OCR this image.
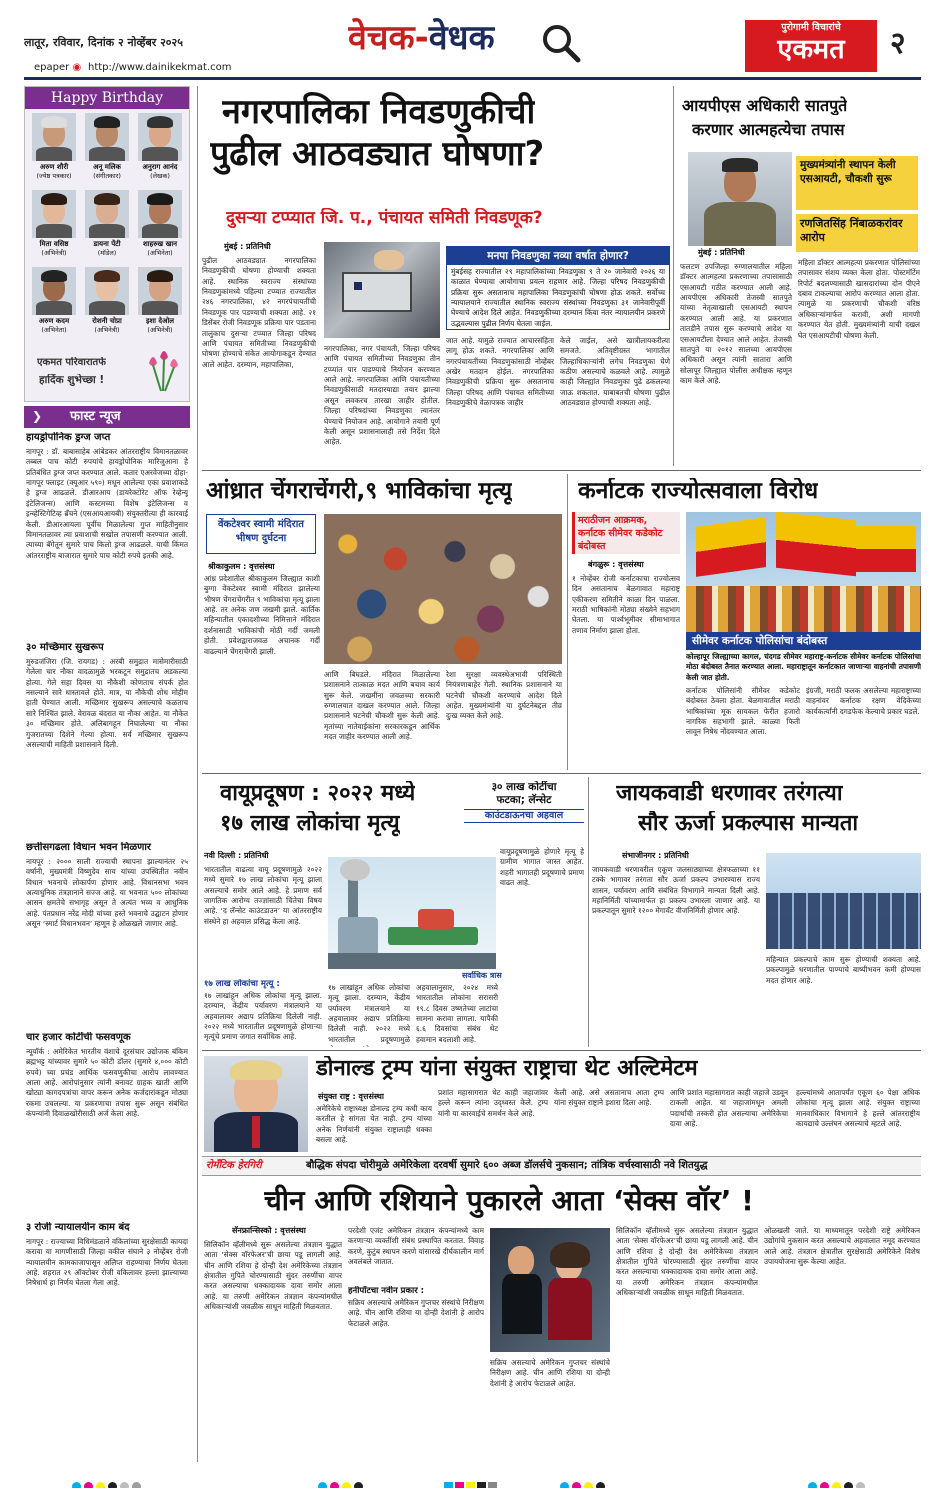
लातूर, रविवार, दिनांक २ नोव्हेंबर २०२५
epaper ◉ http://www.dainikekmat.com
वेचक-वेधक	पुरोगामी विचारांचे
एकमत	२
Happy Birthday
अरुण शौरी
(ज्येष्ठ पत्रकार)
अनू मलिक
(संगीतकार)
अनुराग आनंद
(लेखक)
मिता वसिष्ठ
(अभिनेत्री)
डायना पेंटी
(मॉडेल)
शाहरुख खान
(अभिनेता)
अरुण कदम
(अभिनेता)
रोशनी चोप्रा
(अभिनेत्री)
इशा देओल
(अभिनेत्री)
एकमत परिवारातर्फे
हार्दिक शुभेच्छा !
❯ फास्ट न्यूज
हायड्रोपोनिक ड्रग्ज जप्त
नागपूर : डॉ. बाबासाहेब आंबेडकर आंतरराष्ट्रीय विमानतळावर तब्बल पाच कोटी रुपयांचे हायड्रोपोनिक मारिजुआना हे प्रतिबंधित ड्रग्ज जप्त करण्यात आले. कतार एअरवेजच्या दोहा-नागपूर फ्लाइट (क्यूआर ५९०) मधून आलेल्या एका प्रवाशाकडे हे ड्रग्ज आढळले. डीआरआय (डायरेक्टोरेट ऑफ रेव्हेन्यू इंटेलिजन्स) आणि कस्टमच्या विशेष इंटेलिजन्स व इन्व्हेस्टिगेटिव्ह ब्रँचने (एसआयआयबी) संयुक्तरीत्या ही कारवाई केली. डीआरआयला पूर्वीच मिळालेल्या गुप्त माहितीनुसार विमानतळावर त्या प्रवाशाची सखोल तपासणी करण्यात आली. त्याच्या बॅगेतून सुमारे पाच किलो ड्रग्ज आढळले. याची किंमत आंतरराष्ट्रीय बाजारात सुमारे पाच कोटी रुपये इतकी आहे.
३० मच्छिमार सुखरूप
मुरुडजंजिरा (जि. रायगड) : अरबी समुद्रात मासेमारीसाठी गेलेला चार नौका वादळामुळे भरकटून समुद्रातच अडकल्या होत्या. गेले सहा दिवस या नौकेशी कोणताच संपर्क होत नसल्याने सारे धास्तावले होते. मात्र, या नौकेची शोध मोहीम हाती घेण्यात आली. मच्छिमार सुखरूप असल्याचे कळताच सारे निश्चिंत झाले. वेरावळ बंदरात या नौका आहेत. या नौकेत ३० मच्छिमार होते. अलिबागहून निघालेल्या या नौका गुजरातच्या दिशेने गेल्या होत्या. सर्व मच्छिमार सुखरूप असल्याची माहिती प्रशासनाने दिली.
छत्तीसगढला विधान भवन मिळणार
नायपूर : २००० साली राज्याची स्थापना झाल्यानंतर २५ वर्षांनी, मुख्यमंत्री विष्णुदेव साय यांच्या उपस्थितीत नवीन विधान भवनाचे लोकार्पण होणार आहे. विधानसभा भवन अत्याधुनिक तंत्रज्ञानाने सज्ज आहे. या भवनात ५०० लोकांच्या आसन क्षमतेचे सभागृह असून ते अत्यंत भव्य व आधुनिक आहे. पंतप्रधान नरेंद्र मोदी यांच्या हस्ते भवनाचे उद्घाटन होणार असून ‘स्मार्ट विधानभवन’ म्हणून हे ओळखले जाणार आहे.
चार हजार कोटींची फसवणूक
न्यूयॉर्क : अमेरिकेत भारतीय वंशाचे दूरसंचार उद्योजक बंकिम ब्रह्मभट्ट यांच्यावर सुमारे ५० कोटी डॉलर (सुमारे ४,००० कोटी रुपये) च्या प्रचंड आर्थिक फसवणुकीचा आरोप लावण्यात आला आहे. आरोपांनुसार त्यांनी बनावट ग्राहक खाती आणि खोट्या कागदपत्रांचा वापर करून अनेक कर्जदारांकडून मोठ्या रकमा उचलल्या. या प्रकरणाचा तपास सुरू असून संबंधित कंपन्यांनी दिवाळखोरीसाठी अर्ज केला आहे.
३ रोजी न्यायालयीन काम बंद
नागपूर : राज्याच्या विधिमंडळाने वकिलांच्या सुरक्षेसाठी कायदा करावा या मागणीसाठी जिल्हा वकील संघाने ३ नोव्हेंबर रोजी न्यायालयीन कामकाजापासून अलिप्त राहण्याचा निर्णय घेतला आहे. शहरात २९ ऑक्टोबर रोजी वकिलावर हल्ला झाल्याच्या निषेधार्थ हा निर्णय घेतला गेला आहे.
नगरपालिका निवडणुकीची
पुढील आठवड्यात घोषणा?
दुसऱ्या टप्प्यात जि. प., पंचायत समिती निवडणूक?
मुंबई : प्रतिनिधी
पुढील आठवड्यात नगरपालिका निवडणुकीची घोषणा होण्याची शक्यता आहे. स्थानिक स्वराज्य संस्थांच्या निवडणुकांमध्ये पहिल्या टप्प्यात राज्यातील २४६ नगरपालिका, ४२ नगरपंचायतींची निवडणूक पार पडण्याची शक्यता आहे. २१ डिसेंबर रोजी निवडणूक प्रक्रिया पार पडताना तालुकाच दुसऱ्या टप्प्यात जिल्हा परिषद आणि पंचायत समितीच्या निवडणुकीची घोषणा होण्याचे संकेत आयोगाकडून देण्यात आले आहेत. दरम्यान, महापालिका,
नगरपालिका, नगर पंचायती, जिल्हा परिषद आणि पंचायत समितीच्या निवडणुका तीन टप्प्यांत पार पाडण्याचे नियोजन करण्यात आले आहे. नगरपालिका आणि पंचायतीच्या निवडणुकीसाठी मतदारयाद्या तयार झाल्या असून लवकरच तारखा जाहीर होतील. जिल्हा परिषदांच्या निवडणुका त्यानंतर घेण्याचे नियोजन आहे. आयोगाने तयारी पूर्ण केली असून प्रशासनालाही तसे निर्देश दिले आहेत.
मनपा निवडणुका नव्या वर्षात होणार?
मुंबईसह राज्यातील २९ महापालिकांच्या निवडणुका ९ ते २० जानेवारी २०२६ या काळात घेण्याचा आयोगाचा प्रयत्न राहणार आहे. जिल्हा परिषद निवडणुकीची प्रक्रिया सुरू असतानाच महापालिका निवडणुकांची घोषणा होऊ शकते. सर्वोच्च न्यायालयाने राज्यातील स्थानिक स्वराज्य संस्थांच्या निवडणुका ३१ जानेवारीपूर्वी घेण्याचे आदेश दिले आहेत. निवडणुकीच्या दरम्यान किंवा नंतर न्यायालयीन प्रकरणे उद्भवल्यास पुढील निर्णय घेतला जाईल.
जात आहे. यामुळे राज्यात आचारसंहिता लागू होऊ शकते. नगरपालिका आणि नगरपंचायतींच्या निवडणुकांसाठी नोव्हेंबर अखेर मतदान होईल. नगरपालिका निवडणुकीची प्रक्रिया सुरू असतानाच जिल्हा परिषद आणि पंचायत समितीच्या निवडणुकीचे वेळापत्रक जाहीर
केले जाईल, असे खात्रीलायकरीत्या समजते. अतिवृष्टीग्रस्त भागातील जिल्हाधिकाऱ्यांनी लगेच निवडणुका घेणे कठीण असल्याचे कळवले आहे. त्यामुळे काही जिल्ह्यांत निवडणुका पुढे ढकलल्या जाऊ शकतात. याबाबतची घोषणा पुढील आठवड्यात होण्याची शक्यता आहे.
आयपीएस अधिकारी सातपुते
करणार आत्महत्येचा तपास
मुंबई : प्रतिनिधी
मुख्यमंत्र्यांनी स्थापन केली एसआयटी, चौकशी सुरू
रणजितसिंह निंबाळकरांवर आरोप
फलटण उपजिल्हा रुग्णालयातील महिला डॉक्टर आत्महत्या प्रकरणाच्या तपासासाठी एसआयटी गठीत करण्यात आली आहे. आयपीएस अधिकारी तेजस्वी सातपुते यांच्या नेतृत्वाखाली एसआयटी स्थापन करण्यात आली आहे. या प्रकरणात तातडीने तपास सुरू करण्याचे आदेश या एसआयटीला देण्यात आले आहेत. तेजस्वी सातपुते या २०१२ सालच्या आयपीएस अधिकारी असून त्यांनी सातारा आणि सोलापूर जिल्ह्यात पोलीस अधीक्षक म्हणून काम केले आहे.
महिला डॉक्टर आत्महत्या प्रकरणात पोलिसांच्या तपासावर संशय व्यक्त केला होता. पोस्टमॉर्टेम रिपोर्ट बदलण्यासाठी खासदारांच्या दोन पीएने दबाव टाकल्याचा आरोप करण्यात आला होता. त्यामुळे या प्रकरणाची चौकशी वरिष्ठ अधिकाऱ्यांमार्फत करावी, अशी मागणी करण्यात येत होती. मुख्यमंत्र्यांनी याची दखल घेत एसआयटीची घोषणा केली.
आंध्रात चेंगराचेंगरी,९ भाविकांचा मृत्यू
वेंकटेश्वर स्वामी मंदिरात भीषण दुर्घटना
श्रीकाकुलम : वृत्तसंस्था
आंध्र प्रदेशातील श्रीकाकुलम जिल्ह्यात काशी बुग्गा वेंकटेश्वर स्वामी मंदिरात झालेल्या भीषण चेंगराचेंगरीत ९ भाविकांचा मृत्यू झाला आहे. तर अनेक जण जखमी झाले. कार्तिक महिन्यातील एकादशीच्या निमित्ताने मंदिरात दर्शनासाठी भाविकांची मोठी गर्दी जमली होती. प्रवेशद्वाराजवळ अचानक गर्दी वाढल्याने चेंगराचेंगरी झाली.
आणि बिघडले. मंदिरात मिळालेल्या प्रशासनाने तात्काळ मदत आणि बचाव कार्य सुरू केले. जखमींना जवळच्या सरकारी रुग्णालयात दाखल करण्यात आले. जिल्हा प्रशासनाने घटनेची चौकशी सुरू केली आहे. मृतांच्या नातेवाईकांना सरकारकडून आर्थिक मदत जाहीर करण्यात आली आहे.
रेशा सुरक्षा व्यवस्थेअभावी परिस्थिती नियंत्रणाबाहेर गेली. स्थानिक प्रशासनाने या घटनेची चौकशी करण्याचे आदेश दिले आहेत. मुख्यमंत्र्यांनी या दुर्घटनेबद्दल तीव्र दुःख व्यक्त केले आहे.
कर्नाटक राज्योत्सवाला विरोध
मराठीजन आक्रमक, कर्नाटक सीमेवर कडेकोट बंदोबस्त
बंगळुरू : वृत्तसंस्था
१ नोव्हेंबर रोजी कर्नाटकाचा राज्योत्सव दिन असतानाच बेळगावात महाराष्ट्र एकीकरण समितीने काळा दिन पाळला. मराठी भाषिकांनी मोठ्या संख्येने सहभाग घेतला. या पार्श्वभूमीवर सीमाभागात तणाव निर्माण झाला होता.
सीमेवर कर्नाटक पोलिसांचा बंदोबस्त
कोल्हापूर जिल्ह्याच्या कागल, चंदगड सीमेवर महाराष्ट्र-कर्नाटक सीमेवर कर्नाटक पोलिसांचा मोठा बंदोबस्त तैनात करण्यात आला. महाराष्ट्रातून कर्नाटकात जाणाऱ्या वाहनांची तपासणी केली जात होती.
कर्नाटक पोलिसांनी सीमेवर कडेकोट बंदोबस्त ठेवला होता. बेळगावातील मराठी भाषिकांच्या मूक सायकल फेरीत हजारो नागरिक सहभागी झाले. काळ्या फिती लावून निषेध नोंदवण्यात आला.
इंग्रजी, मराठी फलक असलेल्या महाराष्ट्राच्या वाहनांवर कर्नाटक रक्षण वेदिकेच्या कार्यकर्त्यांनी दगडफेक केल्याचे प्रकार घडले.
वायूप्रदूषण : २०२२ मध्ये
१७ लाख लोकांचा मृत्यू
३० लाख कोटींचा
फटका; लॅन्सेट
काउंटडाऊनचा अहवाल
नवी दिल्ली : प्रतिनिधी
भारतातील वाढत्या वायू प्रदूषणामुळे २०२२ मध्ये सुमारे १७ लाख लोकांचा मृत्यू झाला असल्याचे समोर आले आहे. हे प्रमाण सर्व जागतिक आरोग्य तज्ज्ञांसाठी चिंतेचा विषय आहे. ‘द लॅन्सेट काउंटडाउन’ या आंतरराष्ट्रीय संस्थेने हा अहवाल प्रसिद्ध केला आहे.
१७ लाख लोकांचा मृत्यू :
१७ लाखांहून अधिक लोकांचा मृत्यू झाला. दरम्यान, केंद्रीय पर्यावरण मंत्रालयाने या अहवालावर अद्याप प्रतिक्रिया दिलेली नाही. २०२२ मध्ये भारतातील प्रदूषणामुळे होणाऱ्या मृत्यूंचे प्रमाण जगात सर्वाधिक आहे.
सर्वाधिक त्रास
१७ लाखांहून अधिक लोकांचा मृत्यू झाला. दरम्यान, केंद्रीय पर्यावरण मंत्रालयाने या अहवालावर अद्याप प्रतिक्रिया दिलेली नाही. २०२२ मध्ये भारतातील प्रदूषणामुळे
अहवालानुसार, २०२४ मध्ये भारतातील लोकांना सरासरी १९.८ दिवस उष्णतेच्या लाटांचा सामना करावा लागला. यापैकी ६.६ दिवसांचा संबंध थेट हवामान बदलाशी आहे.
वायूप्रदूषणामुळे होणारे मृत्यू हे ग्रामीण भागात जास्त आहेत. शहरी भागातही प्रदूषणाचे प्रमाण वाढत आहे.
जायकवाडी धरणावर तरंगत्या
सौर ऊर्जा प्रकल्पास मान्यता
संभाजीनगर : प्रतिनिधी
जायकवाडी धरणावरील एकूण जलसाठ्याच्या क्षेत्रफळाच्या ११ टक्के भागावर तरंगता सौर ऊर्जा प्रकल्प उभारण्यास राज्य शासन, पर्यावरण आणि संबंधित विभागाने मान्यता दिली आहे. महानिर्मिती यांच्यामार्फत हा प्रकल्प उभारला जाणार आहे. या प्रकल्पातून सुमारे १२०० मेगावॅट वीजनिर्मिती होणार आहे.
महिन्यात प्रकल्पाचे काम सुरू होण्याची शक्यता आहे. प्रकल्पामुळे धरणातील पाण्याचे बाष्पीभवन कमी होण्यास मदत होणार आहे.
डोनाल्ड ट्रम्प यांना संयुक्त राष्ट्राचा थेट अल्टिमेटम
संयुक्त राष्ट्र : वृत्तसंस्था
अमेरिकेचे राष्ट्राध्यक्ष डोनाल्ड ट्रम्प कधी काय करतील हे सांगता येत नाही. ट्रम्प यांच्या अनेक निर्णयांनी संयुक्त राष्ट्रालाही धक्का बसला आहे.
प्रशांत महासागरात थेट काही जहाजांवर हल्ले करून त्यांना उद्ध्वस्त केले. ट्रम्प यांनी या कारवाईचे समर्थन केले आहे.
केली आहे. असे असतानाच आता ट्रम्प यांना संयुक्त राष्ट्राने इशारा दिला आहे.
आणि प्रशांत महासागरात काही जहाजे उडवून टाकली आहेत. या जहाजांमधून अमली पदार्थांची तस्करी होत असल्याचा अमेरिकेचा दावा आहे.
हल्ल्यांमध्ये आतापर्यंत एकूण ६० पेक्षा अधिक लोकांचा मृत्यू झाला आहे. संयुक्त राष्ट्राच्या मानवाधिकार विभागाने हे हल्ले आंतरराष्ट्रीय कायद्याचे उल्लंघन असल्याचे म्हटले आहे.
रोमॅंटिक हेरगिरी	बौद्धिक संपदा चोरीमुळे अमेरिकेला दरवर्षी सुमारे ६०० अब्ज डॉलर्सचे नुकसान; तांत्रिक वर्चस्वासाठी नवे शितयुद्ध
चीन आणि रशियाने पुकारले आता ‘सेक्स वॉर’ !
सॅनफ्रान्सिस्को : वृत्तसंस्था
सिलिकॉन व्हॅलीमध्ये सुरू असलेल्या तंत्रज्ञान युद्धात आता ‘सेक्स वॉरफेअर’ची छाया पडू लागली आहे. चीन आणि रशिया हे दोन्ही देश अमेरिकेच्या तंत्रज्ञान क्षेत्रातील गुपिते चोरण्यासाठी सुंदर तरुणींचा वापर करत असल्याचा धक्कादायक दावा समोर आला आहे. या तरुणी अमेरिकन तंत्रज्ञान कंपन्यांमधील अधिकाऱ्यांशी जवळीक साधून माहिती मिळवतात.
परदेशी एजंट अमेरिकन तंत्रज्ञान कंपन्यांमध्ये काम करणाऱ्या व्यक्तींशी संबंध प्रस्थापित करतात. विवाह करणे, कुटुंब स्थापन करणे यांसारखे दीर्घकालीन मार्ग अवलंबले जातात.
हनीपॉटचा नवीन प्रकार :
सक्रिय असल्याचे अमेरिकन गुप्तचर संस्थांचे निरीक्षण आहे. चीन आणि रशिया या दोन्ही देशांनी हे आरोप फेटाळले आहेत.
सक्रिय असल्याचे अमेरिकन गुप्तचर संस्थांचे निरीक्षण आहे. चीन आणि रशिया या दोन्ही देशांनी हे आरोप फेटाळले आहेत.
सिलिकॉन व्हॅलीमध्ये सुरू असलेल्या तंत्रज्ञान युद्धात आता ‘सेक्स वॉरफेअर’ची छाया पडू लागली आहे. चीन आणि रशिया हे दोन्ही देश अमेरिकेच्या तंत्रज्ञान क्षेत्रातील गुपिते चोरण्यासाठी सुंदर तरुणींचा वापर करत असल्याचा धक्कादायक दावा समोर आला आहे. या तरुणी अमेरिकन तंत्रज्ञान कंपन्यांमधील अधिकाऱ्यांशी जवळीक साधून माहिती मिळवतात.
ओळखली जाते. या माध्यमातून परदेशी राष्ट्रे अमेरिकन उद्योगांचे नुकसान करत असल्याचे अहवालात नमूद करण्यात आले आहे. तंत्रज्ञान क्षेत्रातील सुरक्षेसाठी अमेरिकेने विशेष उपाययोजना सुरू केल्या आहेत.
